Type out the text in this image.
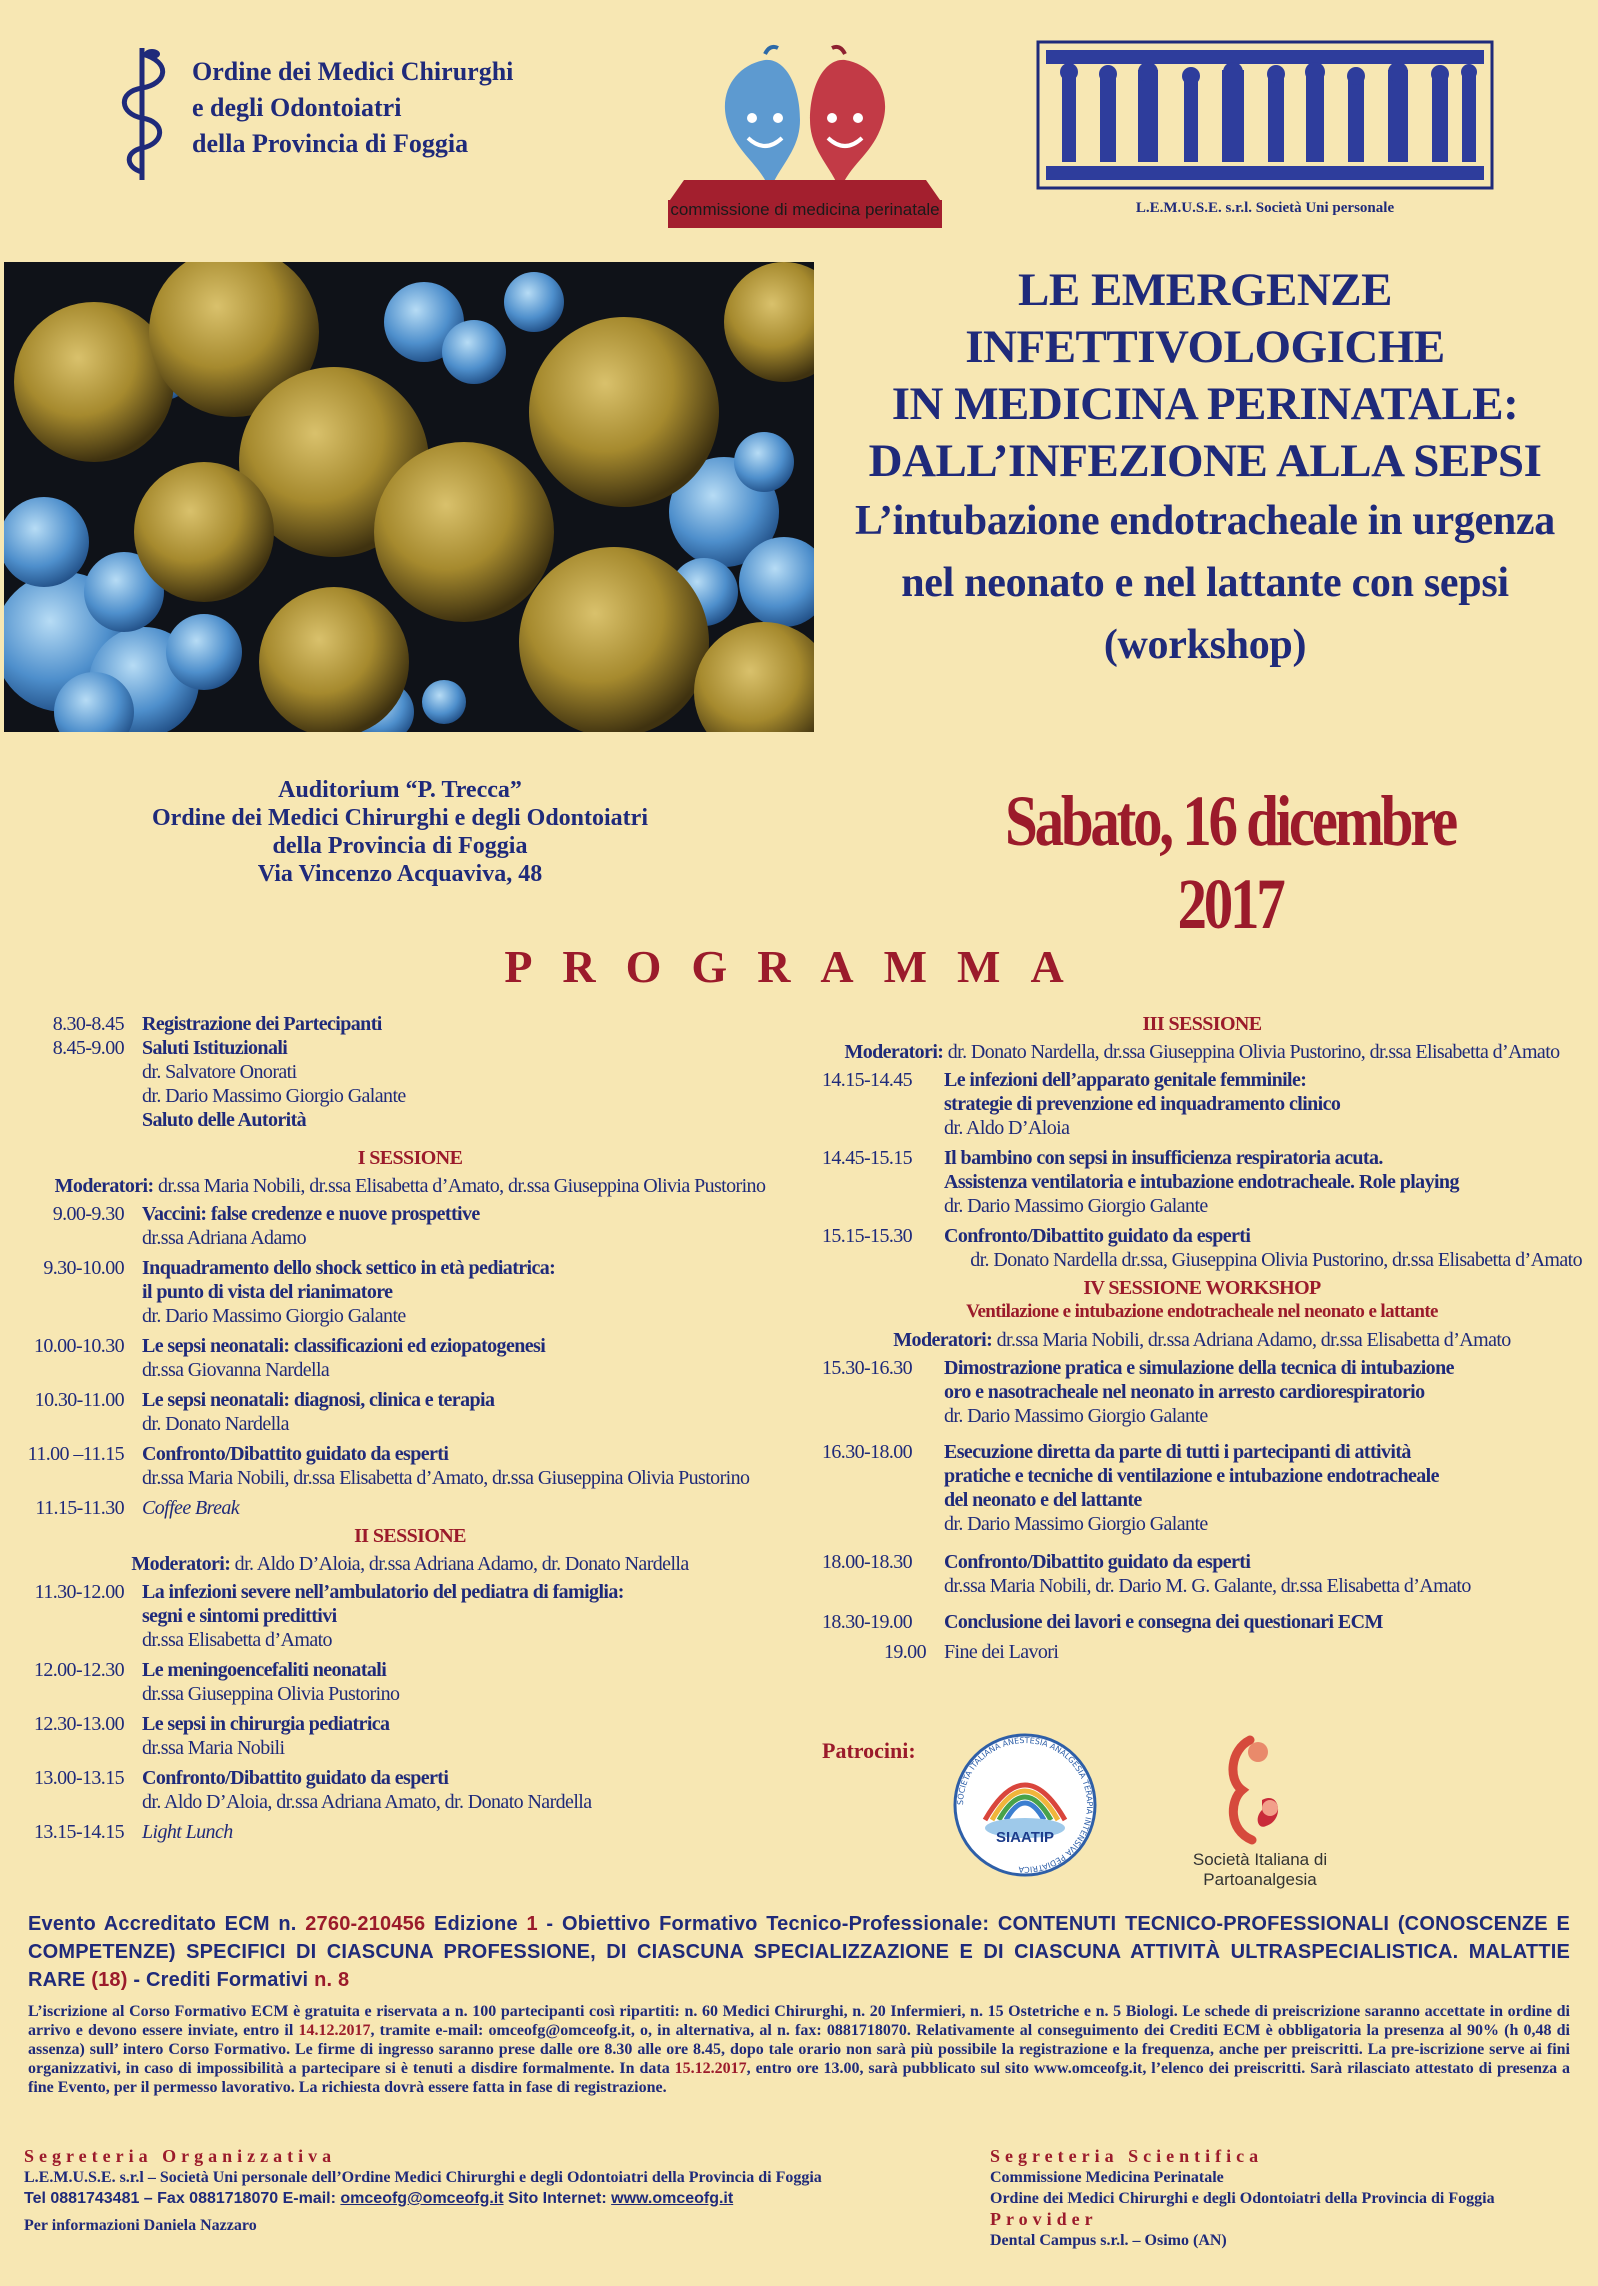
Ordine dei Medici Chirurghi
e degli Odontoiatri
della Provincia di Foggia
commissione di medicina perinatale	L.E.M.U.S.E. s.r.l. Società Uni personale
LE EMERGENZE
INFETTIVOLOGICHE
IN MEDICINA PERINATALE:
DALL’INFEZIONE ALLA SEPSI
L’intubazione endotracheale in urgenza
nel neonato e nel lattante con sepsi
(workshop)
Auditorium “P. Trecca”
Ordine dei Medici Chirurghi e degli Odontoiatri
della Provincia di Foggia
Via Vincenzo Acquaviva, 48
Sabato, 16 dicembre 2017
PROGRAMMA
8.30-8.45 Registrazione dei Partecipanti
8.45-9.00 Saluti Istituzionali
dr. Salvatore Onorati
dr. Dario Massimo Giorgio Galante
Saluto delle Autorità
I SESSIONE
Moderatori: dr.ssa Maria Nobili, dr.ssa Elisabetta d’Amato, dr.ssa Giuseppina Olivia Pustorino
9.00-9.30 Vaccini: false credenze e nuove prospettive
dr.ssa Adriana Adamo
9.30-10.00 Inquadramento dello shock settico in età pediatrica:
il punto di vista del rianimatore
dr. Dario Massimo Giorgio Galante
10.00-10.30 Le sepsi neonatali: classificazioni ed eziopatogenesi
dr.ssa Giovanna Nardella
10.30-11.00 Le sepsi neonatali: diagnosi, clinica e terapia
dr. Donato Nardella
11.00 –11.15 Confronto/Dibattito guidato da esperti
dr.ssa Maria Nobili, dr.ssa Elisabetta d’Amato, dr.ssa Giuseppina Olivia Pustorino
11.15-11.30 Coffee Break
II SESSIONE
Moderatori: dr. Aldo D’Aloia, dr.ssa Adriana Adamo, dr. Donato Nardella
11.30-12.00 La infezioni severe nell’ambulatorio del pediatra di famiglia:
segni e sintomi predittivi
dr.ssa Elisabetta d’Amato
12.00-12.30 Le meningoencefaliti neonatali
dr.ssa Giuseppina Olivia Pustorino
12.30-13.00 Le sepsi in chirurgia pediatrica
dr.ssa Maria Nobili
13.00-13.15 Confronto/Dibattito guidato da esperti
dr. Aldo D’Aloia, dr.ssa Adriana Amato, dr. Donato Nardella
13.15-14.15 Light Lunch
III SESSIONE
Moderatori: dr. Donato Nardella, dr.ssa Giuseppina Olivia Pustorino, dr.ssa Elisabetta d’Amato
14.15-14.45	Le infezioni dell’apparato genitale femminile:
strategie di prevenzione ed inquadramento clinico
dr. Aldo D’Aloia
14.45-15.15	Il bambino con sepsi in insufficienza respiratoria acuta.
Assistenza ventilatoria e intubazione endotracheale. Role playing
dr. Dario Massimo Giorgio Galante
15.15-15.30	Confronto/Dibattito guidato da esperti
dr. Donato Nardella dr.ssa, Giuseppina Olivia Pustorino, dr.ssa Elisabetta d’Amato
IV SESSIONE WORKSHOP
Ventilazione e intubazione endotracheale nel neonato e lattante
Moderatori: dr.ssa Maria Nobili, dr.ssa Adriana Adamo, dr.ssa Elisabetta d’Amato
15.30-16.30	Dimostrazione pratica e simulazione della tecnica di intubazione
oro e nasotracheale nel neonato in arresto cardiorespiratorio
dr. Dario Massimo Giorgio Galante
16.30-18.00	Esecuzione diretta da parte di tutti i partecipanti di attività
pratiche e tecniche di ventilazione e intubazione endotracheale
del neonato e del lattante
dr. Dario Massimo Giorgio Galante
18.00-18.30	Confronto/Dibattito guidato da esperti
dr.ssa Maria Nobili, dr. Dario M. G. Galante, dr.ssa Elisabetta d’Amato
18.30-19.00	Conclusione dei lavori e consegna dei questionari ECM
19.00 Fine dei Lavori
Patrocini:
SOCIETÀ ITALIANA ANESTESIA ANALGESIA TERAPIA INTENSIVA PEDIATRICA
SIAATIP
Società Italiana di
Partoanalgesia
Evento Accreditato ECM n. 2760-210456 Edizione 1 - Obiettivo Formativo Tecnico-Professionale: CONTENUTI TECNICO-PROFESSIONALI (CONOSCENZE E COMPETENZE) SPECIFICI DI CIASCUNA PROFESSIONE, DI CIASCUNA SPECIALIZZAZIONE E DI CIASCUNA ATTIVITÀ ULTRASPECIALISTICA. MALATTIE RARE (18) - Crediti Formativi n. 8
L’iscrizione al Corso Formativo ECM è gratuita e riservata a n. 100 partecipanti così ripartiti: n. 60 Medici Chirurghi, n. 20 Infermieri, n. 15 Ostetriche e n. 5 Biologi. Le schede di preiscrizione saranno accettate in ordine di arrivo e devono essere inviate, entro il 14.12.2017, tramite e-mail: omceofg@omceofg.it, o, in alternativa, al n. fax: 0881718070. Relativamente al conseguimento dei Crediti ECM è obbligatoria la presenza al 90% (h 0,48 di assenza) sull’ intero Corso Formativo. Le firme di ingresso saranno prese dalle ore 8.30 alle ore 8.45, dopo tale orario non sarà più possibile la registrazione e la frequenza, anche per preiscritti. La pre-iscrizione serve ai fini organizzativi, in caso di impossibilità a partecipare si è tenuti a disdire formalmente. In data 15.12.2017, entro ore 13.00, sarà pubblicato sul sito www.omceofg.it, l’elenco dei preiscritti. Sarà rilasciato attestato di presenza a fine Evento, per il permesso lavorativo. La richiesta dovrà essere fatta in fase di registrazione.
Segreteria Organizzativa
L.E.M.U.S.E. s.r.l – Società Uni personale dell’Ordine Medici Chirurghi e degli Odontoiatri della Provincia di Foggia
Tel 0881743481 – Fax 0881718070 E-mail: omceofg@omceofg.it Sito Internet: www.omceofg.it
Per informazioni Daniela Nazzaro
Segreteria Scientifica
Commissione Medicina Perinatale
Ordine dei Medici Chirurghi e degli Odontoiatri della Provincia di Foggia
Provider
Dental Campus s.r.l. – Osimo (AN)
